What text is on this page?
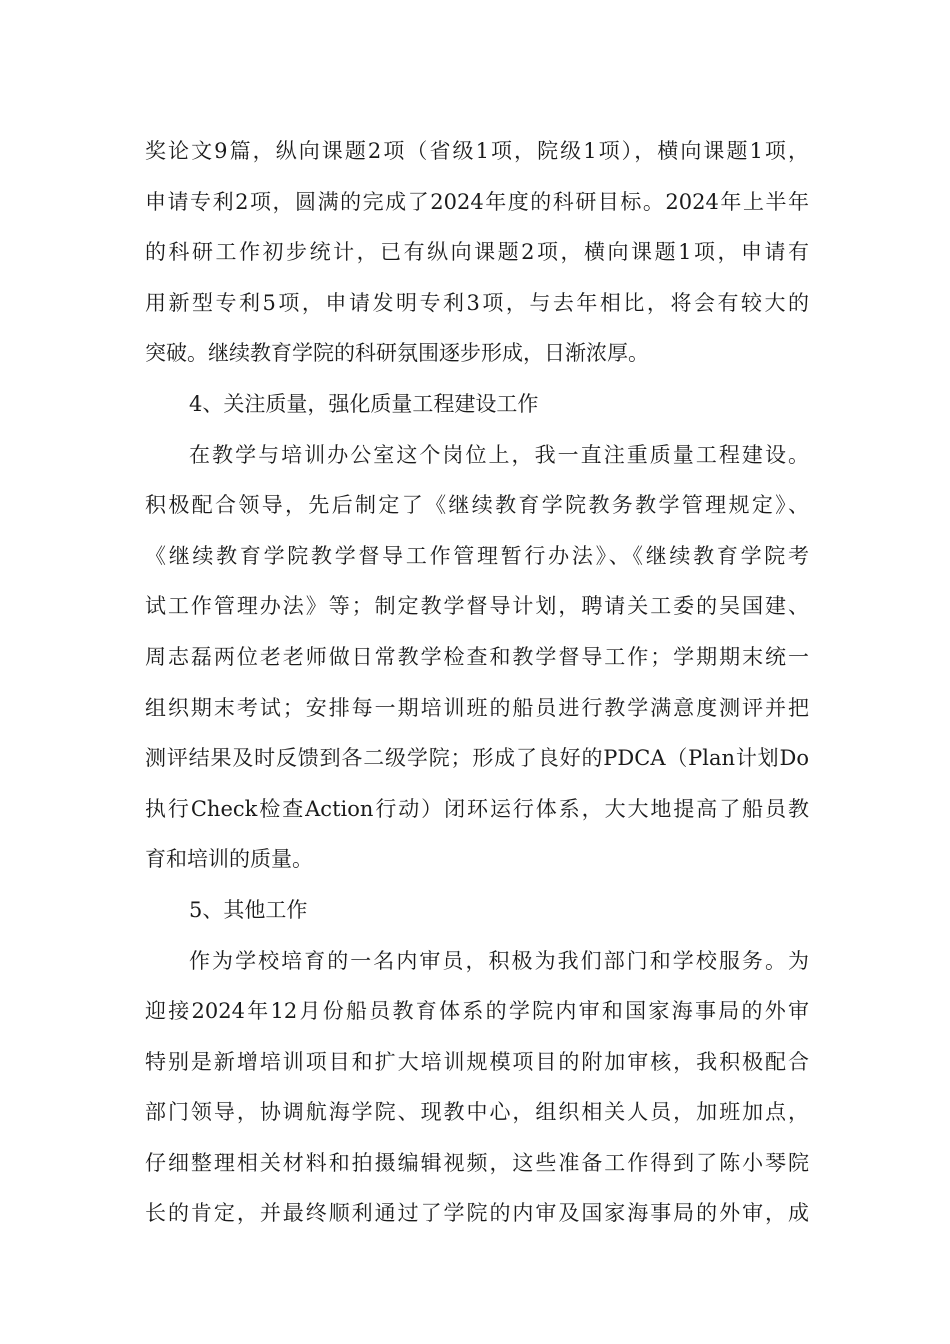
奖论文9篇，纵向课题2项（省级1项，院级1项），横向课题1项，
申请专利2项，圆满的完成了2024年度的科研目标。2024年上半年
的科研工作初步统计，已有纵向课题2项，横向课题1项，申请有
用新型专利5项，申请发明专利3项，与去年相比，将会有较大的
突破。继续教育学院的科研氛围逐步形成，日渐浓厚。
4、关注质量，强化质量工程建设工作
在教学与培训办公室这个岗位上，我一直注重质量工程建设。
积极配合领导，先后制定了《继续教育学院教务教学管理规定》、
《继续教育学院教学督导工作管理暂行办法》、《继续教育学院考
试工作管理办法》等；制定教学督导计划，聘请关工委的吴国建、
周志磊两位老老师做日常教学检查和教学督导工作；学期期末统一
组织期末考试；安排每一期培训班的船员进行教学满意度测评并把
测评结果及时反馈到各二级学院；形成了良好的PDCA（Plan计划Do
执行Check检查Action行动）闭环运行体系，大大地提高了船员教
育和培训的质量。
5、其他工作
作为学校培育的一名内审员，积极为我们部门和学校服务。为
迎接2024年12月份船员教育体系的学院内审和国家海事局的外审
特别是新增培训项目和扩大培训规模项目的附加审核，我积极配合
部门领导，协调航海学院、现教中心，组织相关人员，加班加点，
仔细整理相关材料和拍摄编辑视频，这些准备工作得到了陈小琴院
长的肯定，并最终顺利通过了学院的内审及国家海事局的外审，成
